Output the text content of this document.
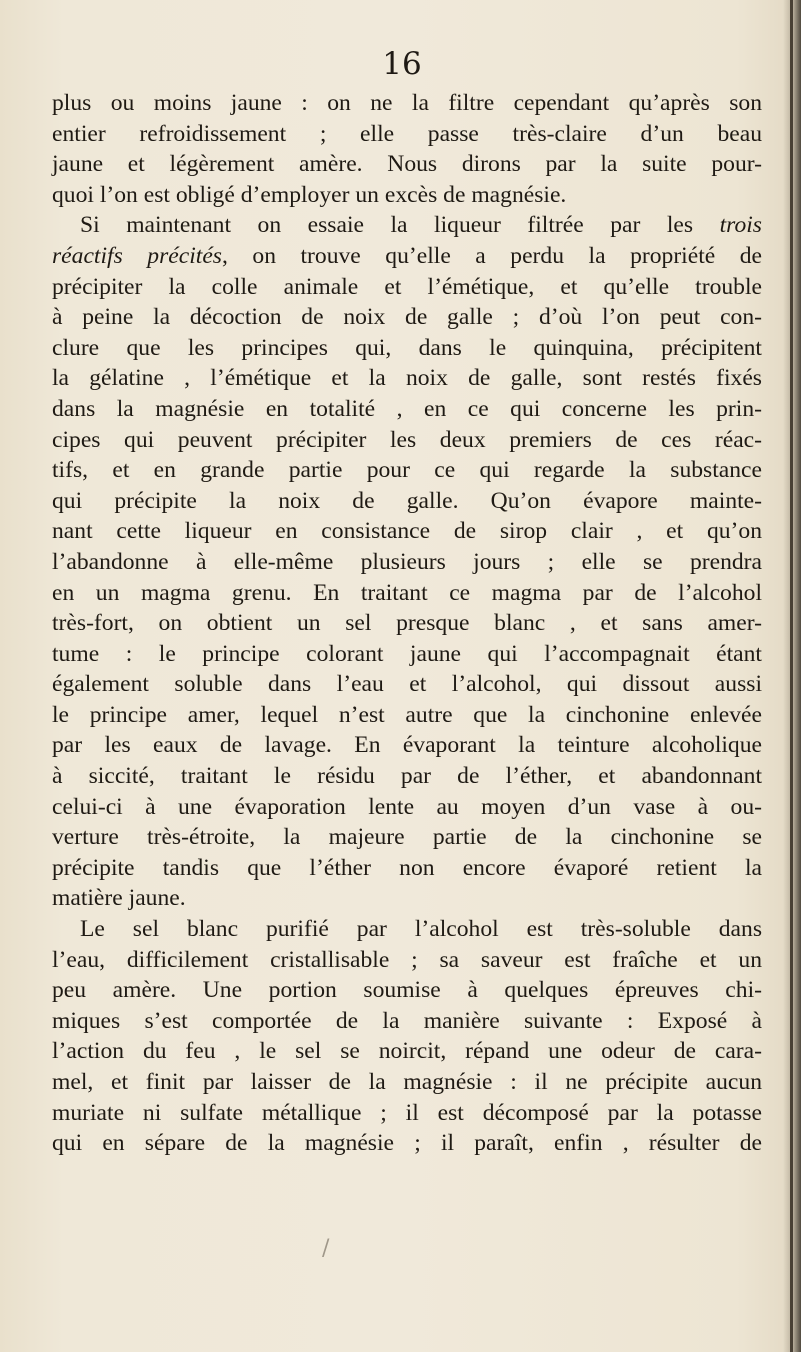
16
plus ou moins jaune : on ne la filtre cependant qu’après son
entier refroidissement ; elle passe très-claire d’un beau
jaune et légèrement amère. Nous dirons par la suite pour-
quoi l’on est obligé d’employer un excès de magnésie.
Si maintenant on essaie la liqueur filtrée par les trois
réactifs précités, on trouve qu’elle a perdu la propriété de
précipiter la colle animale et l’émétique, et qu’elle trouble
à peine la décoction de noix de galle ; d’où l’on peut con-
clure que les principes qui, dans le quinquina, précipitent
la gélatine , l’émétique et la noix de galle, sont restés fixés
dans la magnésie en totalité , en ce qui concerne les prin-
cipes qui peuvent précipiter les deux premiers de ces réac-
tifs, et en grande partie pour ce qui regarde la substance
qui précipite la noix de galle. Qu’on évapore mainte-
nant cette liqueur en consistance de sirop clair , et qu’on
l’abandonne à elle-même plusieurs jours ; elle se prendra
en un magma grenu. En traitant ce magma par de l’alcohol
très-fort, on obtient un sel presque blanc , et sans amer-
tume : le principe colorant jaune qui l’accompagnait étant
également soluble dans l’eau et l’alcohol, qui dissout aussi
le principe amer, lequel n’est autre que la cinchonine enlevée
par les eaux de lavage. En évaporant la teinture alcoholique
à siccité, traitant le résidu par de l’éther, et abandonnant
celui-ci à une évaporation lente au moyen d’un vase à ou-
verture très-étroite, la majeure partie de la cinchonine se
précipite tandis que l’éther non encore évaporé retient la
matière jaune.
Le sel blanc purifié par l’alcohol est très-soluble dans
l’eau, difficilement cristallisable ; sa saveur est fraîche et un
peu amère. Une portion soumise à quelques épreuves chi-
miques s’est comportée de la manière suivante : Exposé à
l’action du feu , le sel se noircit, répand une odeur de cara-
mel, et finit par laisser de la magnésie : il ne précipite aucun
muriate ni sulfate métallique ; il est décomposé par la potasse
qui en sépare de la magnésie ; il paraît, enfin , résulter de
/
